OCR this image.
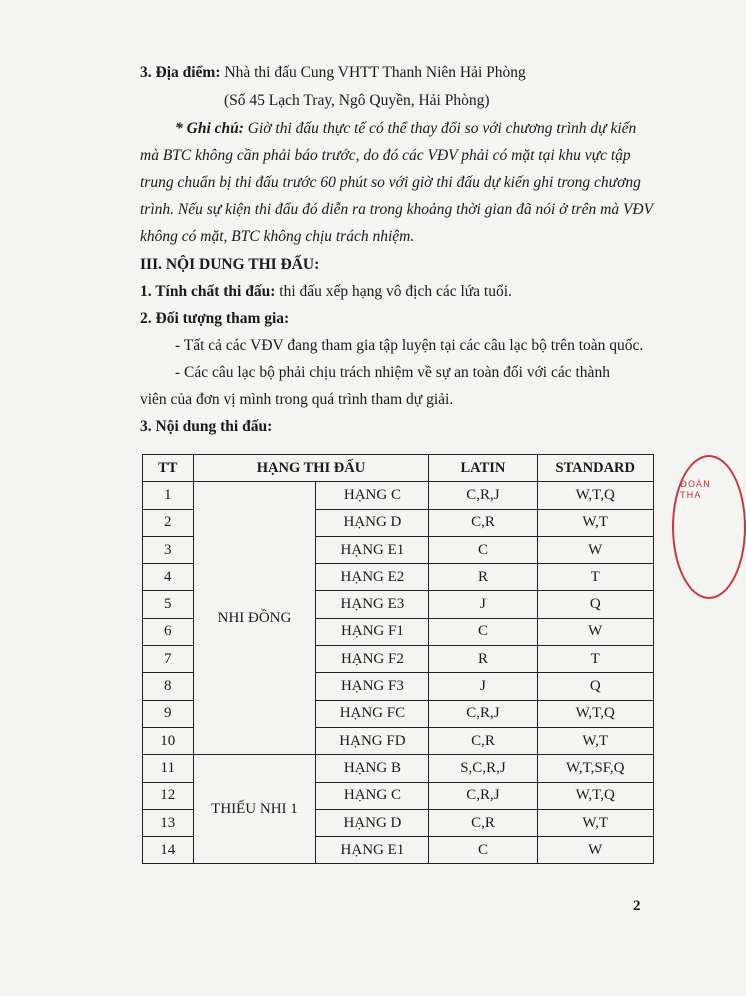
3. Địa điểm: Nhà thi đấu Cung VHTT Thanh Niên Hải Phòng
(Số 45 Lạch Tray, Ngô Quyền, Hải Phòng)
* Ghi chú: Giờ thi đấu thực tế có thể thay đổi so với chương trình dự kiến
mà BTC không cần phải báo trước, do đó các VĐV phải có mặt tại khu vực tập
trung chuẩn bị thi đấu trước 60 phút so với giờ thi đấu dự kiến ghi trong chương
trình. Nếu sự kiện thi đấu đó diễn ra trong khoảng thời gian đã nói ở trên mà VĐV
không có mặt, BTC không chịu trách nhiệm.
III. NỘI DUNG THI ĐẤU:
1. Tính chất thi đấu: thi đấu xếp hạng vô địch các lứa tuổi.
2. Đối tượng tham gia:
- Tất cả các VĐV đang tham gia tập luyện tại các câu lạc bộ trên toàn quốc.
- Các câu lạc bộ phải chịu trách nhiệm về sự an toàn đối với các thành
viên của đơn vị mình trong quá trình tham dự giải.
3. Nội dung thi đấu:
TT	HẠNG THI ĐẤU		LATIN	STANDARD
1	NHI ĐỒNG	HẠNG C	C,R,J	W,T,Q
2		HẠNG D	C,R	W,T
3		HẠNG E1	C	W
4		HẠNG E2	R	T
5		HẠNG E3	J	Q
6		HẠNG F1	C	W
7		HẠNG F2	R	T
8		HẠNG F3	J	Q
9		HẠNG FC	C,R,J	W,T,Q
10		HẠNG FD	C,R	W,T
11	THIẾU NHI 1	HẠNG B	S,C,R,J	W,T,SF,Q
12		HẠNG C	C,R,J	W,T,Q
13		HẠNG D	C,R	W,T
14		HẠNG E1	C	W
ĐOÀN THA
2
